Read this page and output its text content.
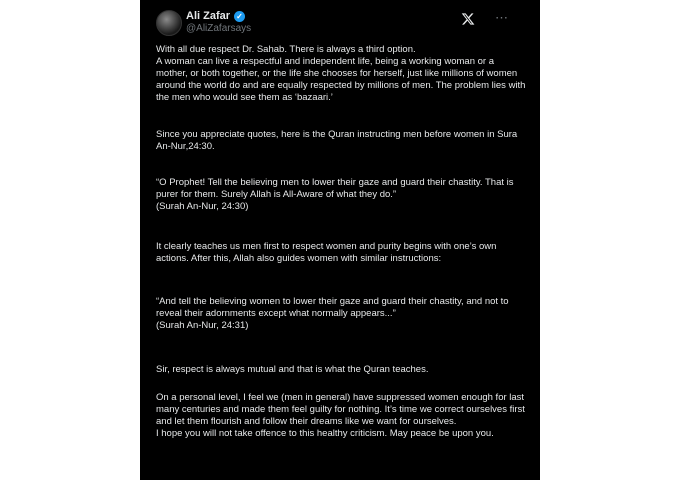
Ali Zafar ✓
@AliZafarsays
⋯

With all due respect Dr. Sahab. There is always a third option.
A woman can live a respectful and independent life, being a working woman or a mother, or both together, or the life she chooses for herself, just like millions of women around the world do and are equally respected by millions of men. The problem lies with the men who would see them as ‘bazaari.’

Since you appreciate quotes, here is the Quran instructing men before women in Sura An-Nur,24:30.

“O Prophet! Tell the believing men to lower their gaze and guard their chastity. That is purer for them. Surely Allah is All-Aware of what they do.”
(Surah An-Nur, 24:30)

It clearly teaches us men first to respect women and purity begins with one’s own actions. After this, Allah also guides women with similar instructions:

“And tell the believing women to lower their gaze and guard their chastity, and not to reveal their adornments except what normally appears...”
(Surah An-Nur, 24:31)

Sir, respect is always mutual and that is what the Quran teaches.

On a personal level, I feel we (men in general) have suppressed women enough for last many centuries and made them feel guilty for nothing. It’s time we correct ourselves first and let them flourish and follow their dreams like we want for ourselves.
I hope you will not take offence to this healthy criticism. May peace be upon you.
